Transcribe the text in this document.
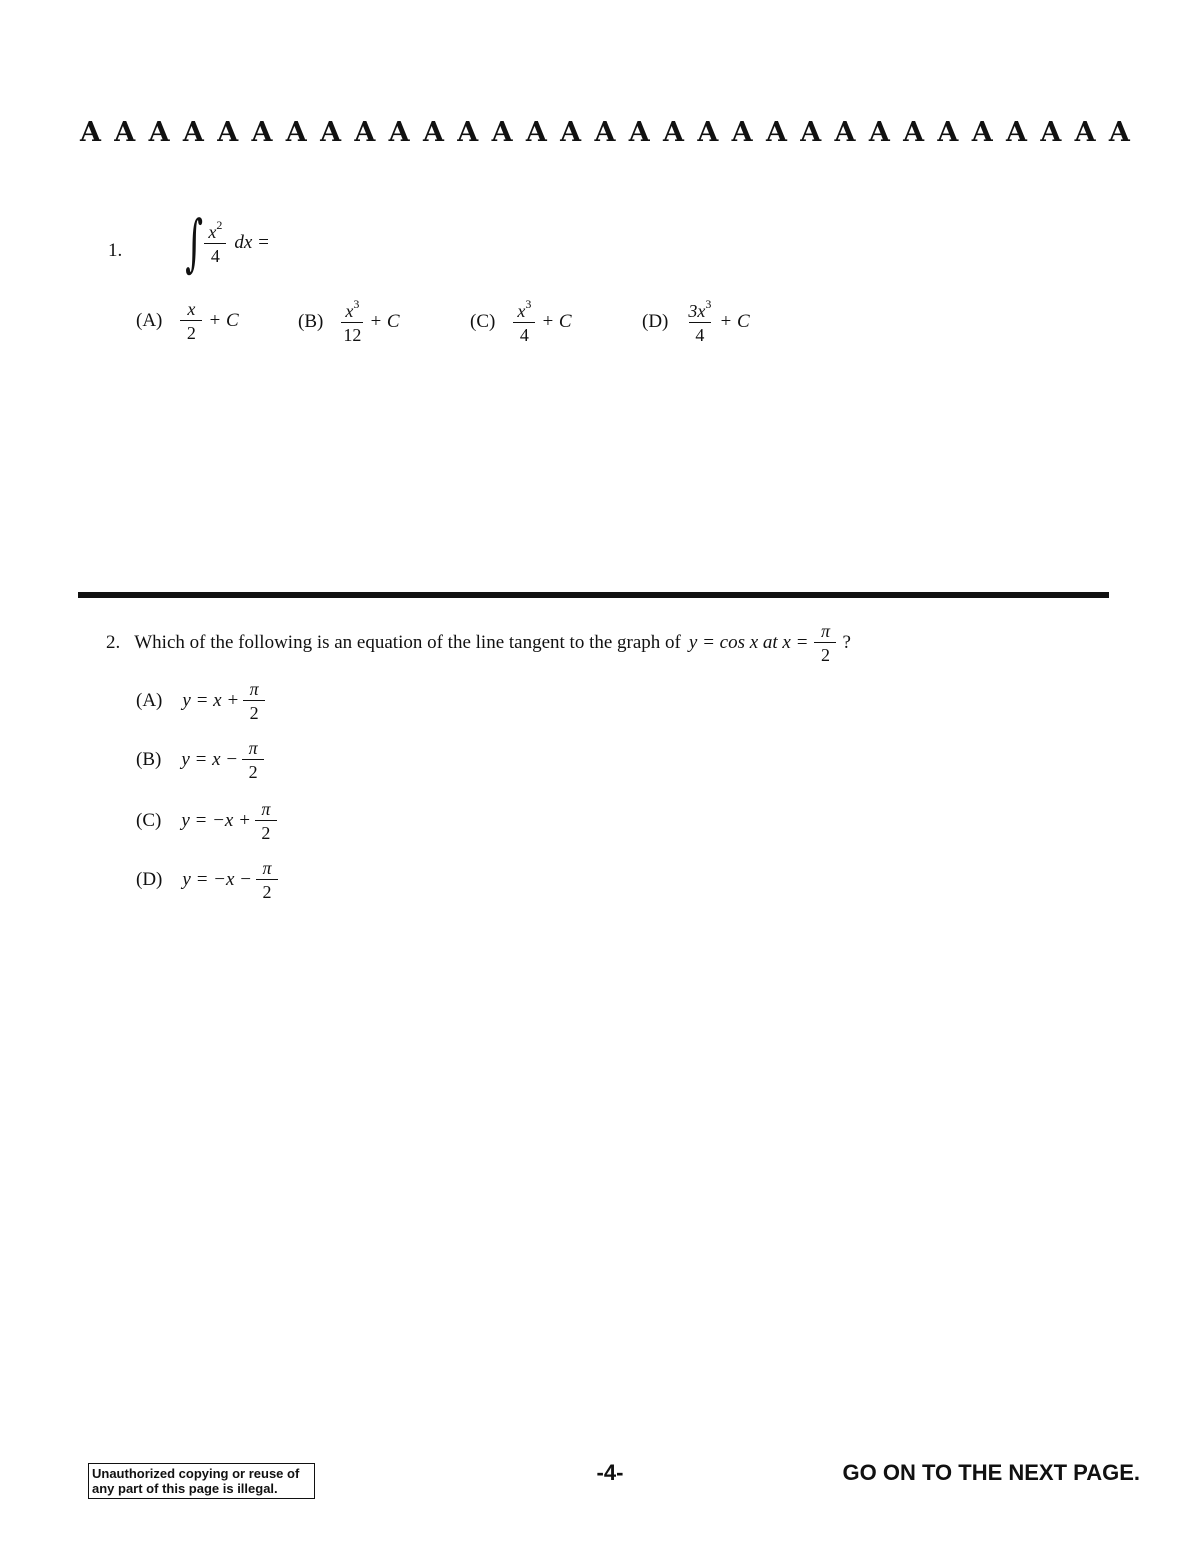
A A A A A A A A A A A A A A A A A A A A A A A A A A A A A A A
1. ∫ $\frac{x^2}{4}$ dx =
$(A) \frac{x}{2} + C$	$(B) \frac{x^3}{12} + C$	$(C) \frac{x^3}{4} + C$	$(D) \frac{3x^3}{4} + C$
2. Which of the following is an equation of the line tangent to the graph of y = cos x at $x = \frac{\pi}{2}$ ?
(A) $y = x + \frac{\pi}{2}$
(B) $y = x - \frac{\pi}{2}$
(C) $y = -x + \frac{\pi}{2}$
(D) $y = -x - \frac{\pi}{2}$
Unauthorized copying or reuse of
any part of this page is illegal.
-4-	GO ON TO THE NEXT PAGE.
